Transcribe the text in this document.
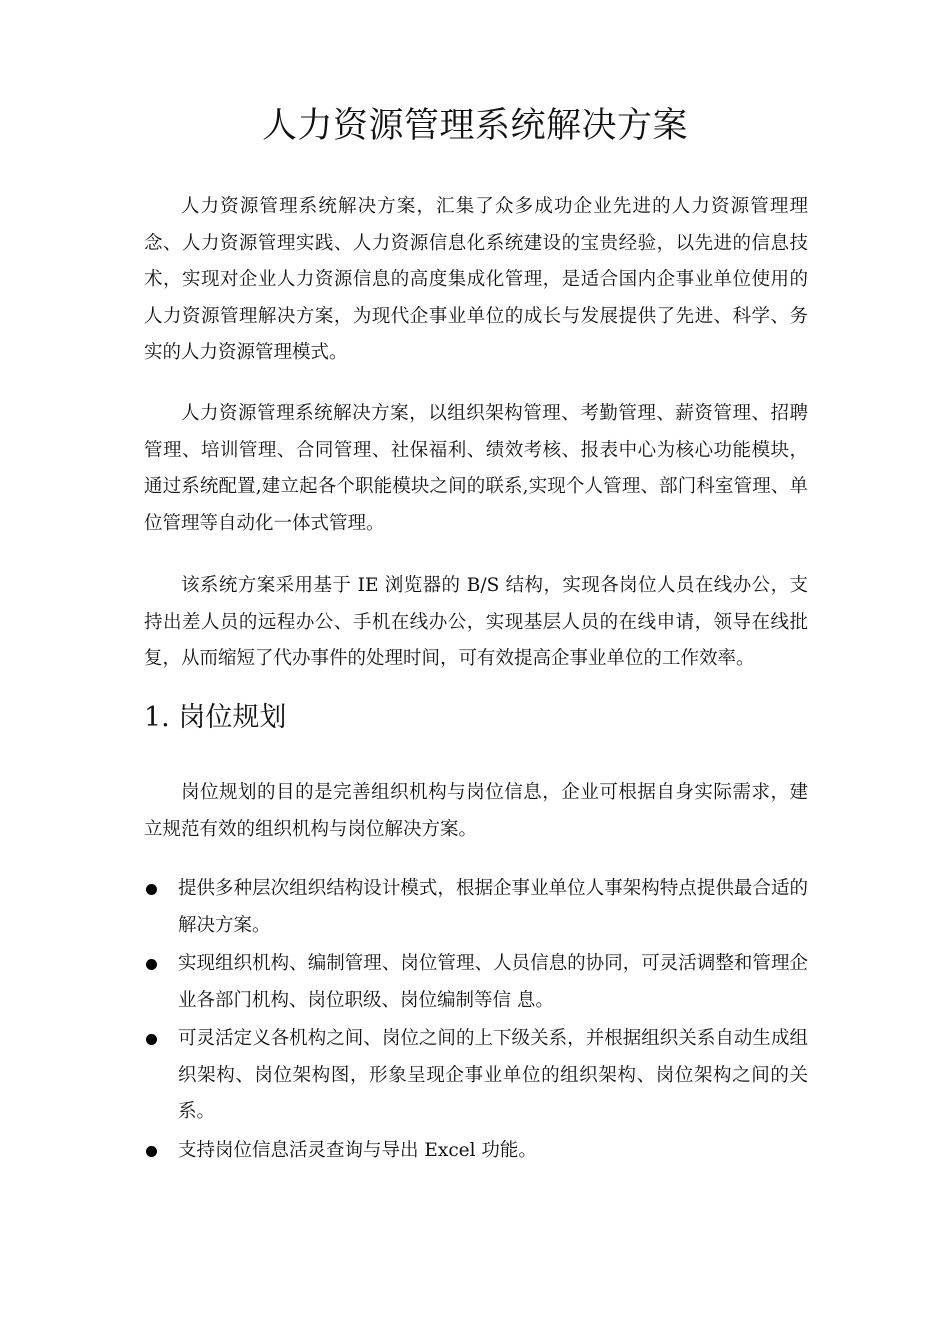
人力资源管理系统解决方案

人力资源管理系统解决方案，汇集了众多成功企业先进的人力资源管理理念、人力资源管理实践、人力资源信息化系统建设的宝贵经验，以先进的信息技术，实现对企业人力资源信息的高度集成化管理，是适合国内企事业单位使用的人力资源管理解决方案，为现代企事业单位的成长与发展提供了先进、科学、务实的人力资源管理模式。

人力资源管理系统解决方案，以组织架构管理、考勤管理、薪资管理、招聘管理、培训管理、合同管理、社保福利、绩效考核、报表中心为核心功能模块，通过系统配置,建立起各个职能模块之间的联系,实现个人管理、部门科室管理、单位管理等自动化一体式管理。

该系统方案采用基于 IE 浏览器的 B/S 结构，实现各岗位人员在线办公，支持出差人员的远程办公、手机在线办公，实现基层人员的在线申请，领导在线批复，从而缩短了代办事件的处理时间，可有效提高企事业单位的工作效率。

1. 岗位规划

岗位规划的目的是完善组织机构与岗位信息，企业可根据自身实际需求，建立规范有效的组织机构与岗位解决方案。

提供多种层次组织结构设计模式，根据企事业单位人事架构特点提供最合适的解决方案。
实现组织机构、编制管理、岗位管理、人员信息的协同，可灵活调整和管理企业各部门机构、岗位职级、岗位编制等信 息。
可灵活定义各机构之间、岗位之间的上下级关系，并根据组织关系自动生成组织架构、岗位架构图，形象呈现企事业单位的组织架构、岗位架构之间的关系。
支持岗位信息活灵查询与导出 Excel 功能。
